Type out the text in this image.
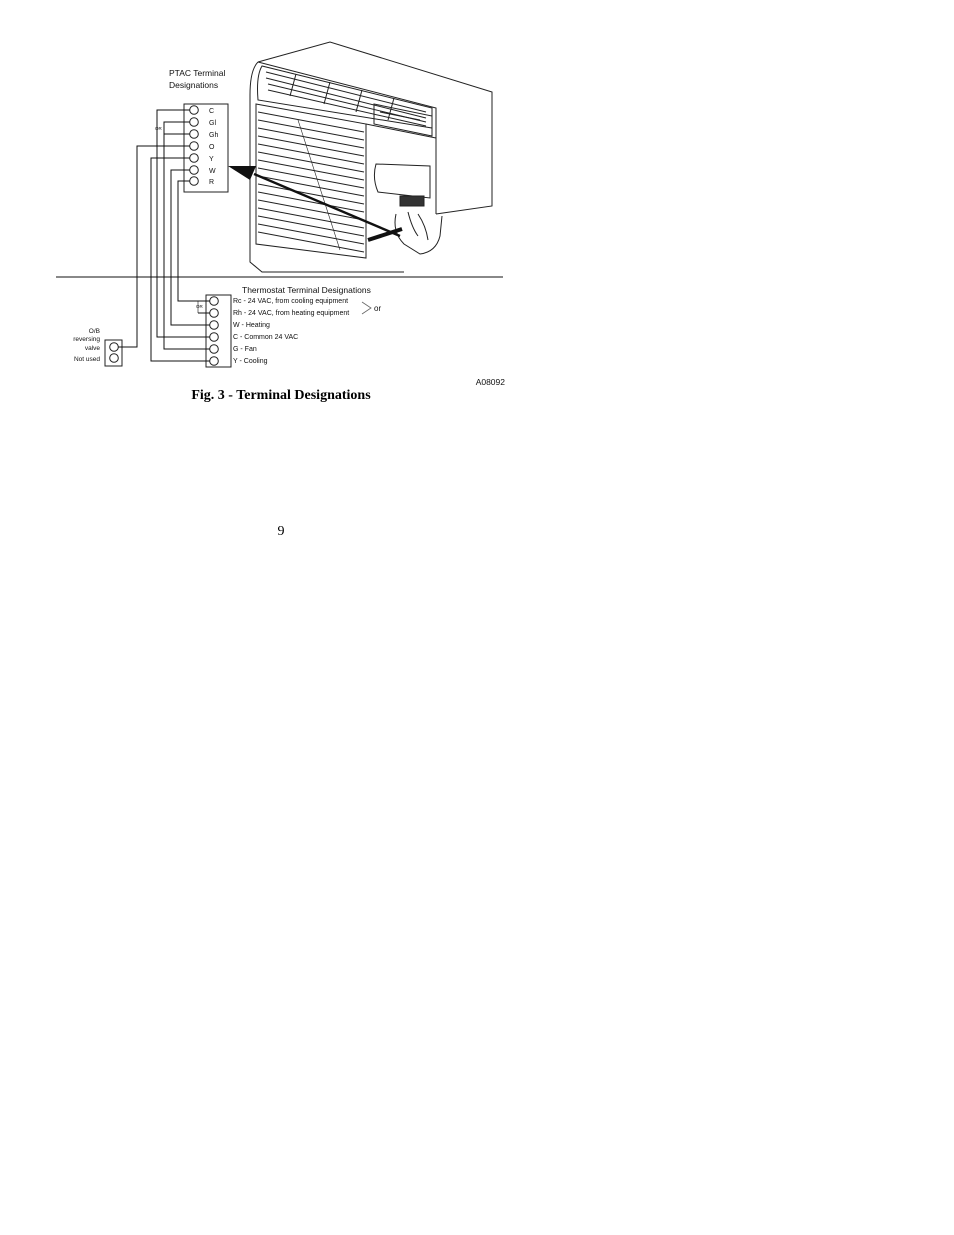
PTAC Terminal
Designations
C
Gl
Gh
O
Y
W
R
OR
Thermostat Terminal Designations
Rc - 24 VAC, from cooling equipment
Rh - 24 VAC, from heating equipment
W - Heating
C - Common 24 VAC
G - Fan
Y - Cooling
OR	or
O/B
reversing
valve
Not used
A08092
Fig. 3 - Terminal Designations
9
